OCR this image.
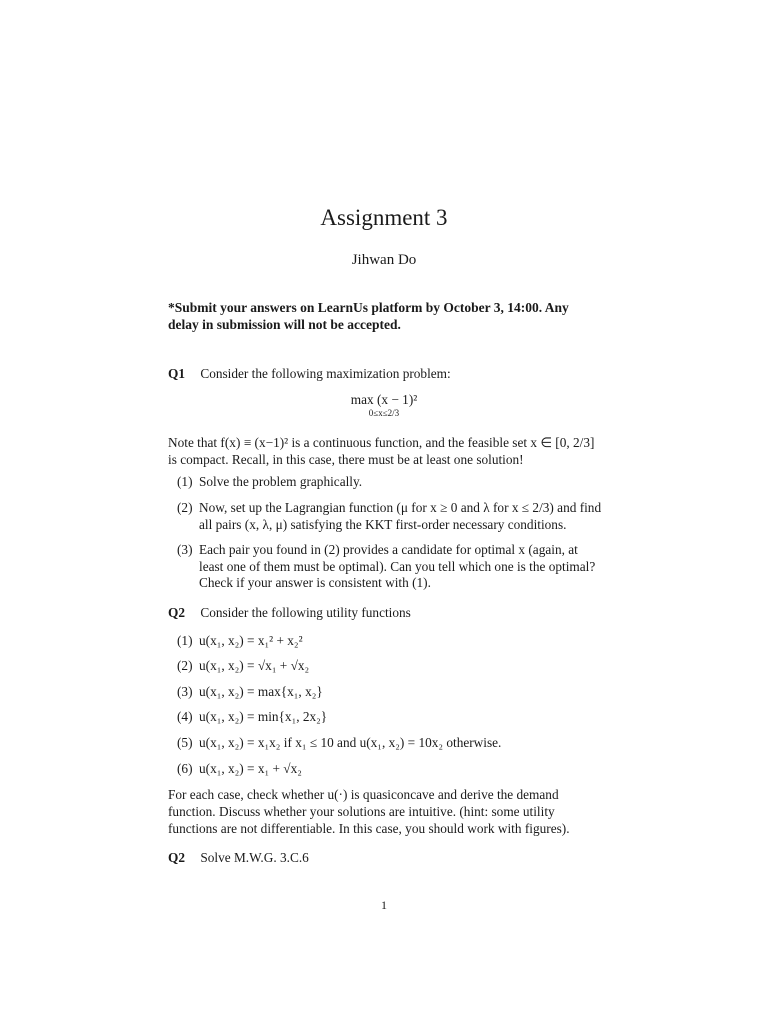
Assignment 3
Jihwan Do
*Submit your answers on LearnUs platform by October 3, 14:00. Any delay in submission will not be accepted.
Q1 Consider the following maximization problem:
max (x − 1)²
0≤x≤2/3
Note that f(x) ≡ (x−1)² is a continuous function, and the feasible set x ∈ [0, 2/3] is compact. Recall, in this case, there must be at least one solution!
(1) Solve the problem graphically.
(2) Now, set up the Lagrangian function (μ for x ≥ 0 and λ for x ≤ 2/3) and find all pairs (x, λ, μ) satisfying the KKT first-order necessary conditions.
(3) Each pair you found in (2) provides a candidate for optimal x (again, at least one of them must be optimal). Can you tell which one is the optimal? Check if your answer is consistent with (1).
Q2 Consider the following utility functions
(1) u(x₁, x₂) = x₁² + x₂²
(2) u(x₁, x₂) = √x₁ + √x₂
(3) u(x₁, x₂) = max{x₁, x₂}
(4) u(x₁, x₂) = min{x₁, 2x₂}
(5) u(x₁, x₂) = x₁x₂ if x₁ ≤ 10 and u(x₁, x₂) = 10x₂ otherwise.
(6) u(x₁, x₂) = x₁ + √x₂
For each case, check whether u(·) is quasiconcave and derive the demand function. Discuss whether your solutions are intuitive. (hint: some utility functions are not differentiable. In this case, you should work with figures).
Q2 Solve M.W.G. 3.C.6
1
